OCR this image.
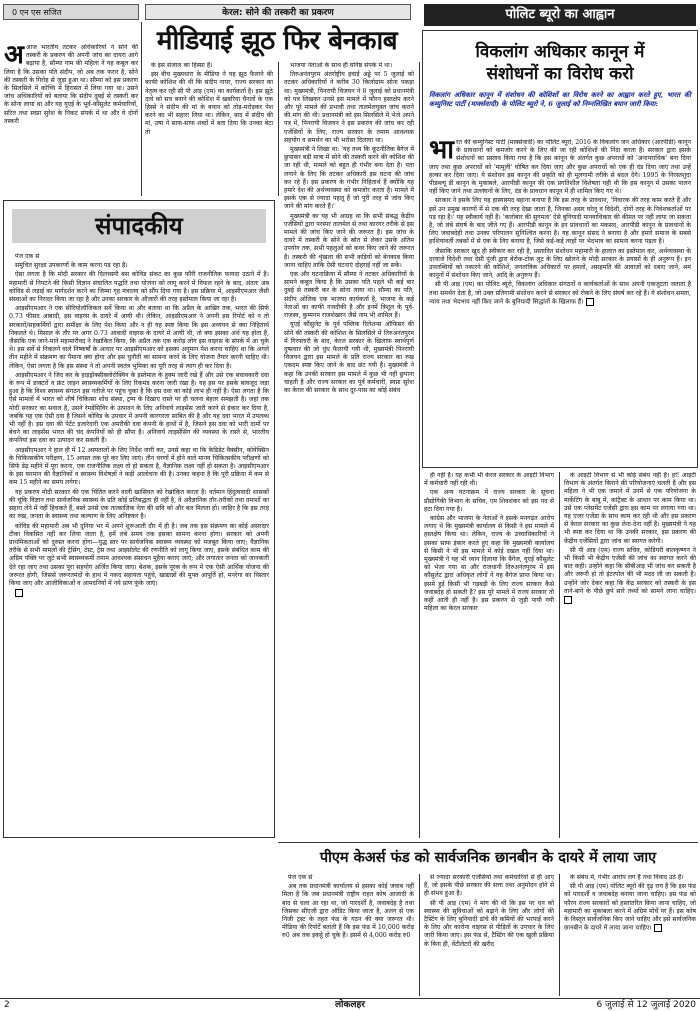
0 एन एस सजित	केरल: सोने की तस्करी का प्रकरण
मीडियाई झूठ फिर बेनकाब
अआज भारतीय तटकर अधिकारियों ने सोने की तस्करी के प्रकरण की अपनी जांच का दायरा आगे बढ़ाया है, सौम्या नाम की महिला ने यह कबूल कर लिया है कि उसका पति संदीप, जो अब तक फरार है, सोने की तस्करी के गिरोह से जुड़ा हुआ था। सौम्या को इस प्रकरण के सिलसिले में कोच्चि में हिरासत में लिया गया था। उसने जांच अधिकारियों को बताया कि संदीप दुबई से तस्करी कर के सोना लाया था और यह यूएई के भूर्व-कौंसुलेट कर्मचारियों, सरित तथा स्वप्ना सुरेश के निकट संपर्क में था और ये दोनों तस्करी

के इस संजाल का हिस्सा हैं।

इस बीच मुख्यधारा के मीडिया ने यह झूठ फैलाने की काफी कोशिश की थी कि संदीप नायर, राज्य सरकार का नेतृत्व कर रही सी पी आइ (एम) का कार्यकर्ता है। इस झूठे दावे को सच बनाने की कोशिश में खबरिया चैनलों के एक हिस्से ने संदीप की मां के बयान को तोड़-मरोड़कर पेश करने का भी सहारा लिया था। लेकिन, बाद में संदीप की मां, उषा ने साफ-साफ शब्दों में बता दिया कि उनका बेटा तो

भाजपा नेताओं के साथ ही घनिष्ठ संपर्क में था।

तिरुअनंतपुरम अंतर्राष्ट्रीय हवाई अड्डे पर 5 जुलाई को तटकर अधिकारियों ने करीब 30 किलोग्राम सोना पकड़ा था। मुख्यमंत्री, पिनरायी विजयन ने 8 जुलाई को प्रधानमंत्री को पत्र लिखकर उनसे इस मामले में फौरन हस्तक्षेप करने और पूरे मामले की प्रभावी तथा तालमेलयुक्त जांच कराने की मांग की थी। प्रधानमंत्री को इस सिलसिले में भेजे अपने पत्र में, पिनरायी विजयन ने इस प्रकरण की जांच कर रही एजेंसियों के लिए, राज्य सरकार के तमाम आवश्यक सहयोग व समर्थन का भी भरोसा दिलाया था।

मुख्यमंत्री ने लिखा था: 'यह तथ्य कि कूटनीतिक बैगेज में छुपाकर बड़ी मात्रा में सोने की तस्करी करने की कोशिश की जा रही थी, मामले को बहुत ही गंभीर बना देता है। पता लगाने के लिए कि तटकर अधिकारी इस घटना की जांच कर रहे हैं। इस प्रकरण के गंभीर निहितार्थ हैं क्योंकि यह हमारे देश की अर्थव्यवस्था को कमजोर करता है। मामले में इसके एक से ज्यादा पहलू हैं जो पूरी तरह से जांच किए जाने की मांग करते हैं।'

मुख्यमंत्री का यह भी आग्रह था कि सभी संबद्ध केंद्रीय एजेंसियों द्वारा परस्पर तालमेल से तथा कारगर तरीके से इस मामले की जांच किए जाने की जरूरत है। इस जांच के दायरे में तस्करी के सोने के स्रोत से लेकर उसके अंतिम उपयोग तक, सभी पहलुओं को कवर किए जाने की जरूरत है। तस्करी की शृंखला की सभी कड़ियों को बेनकाब किया जाना चाहिए ताकि ऐसी घटनाएं दोहराई नहीं जा सकें।

एक और घटनाक्रिया में सौम्या ने तटकर अधिकारियों के सामने कबूल किया है कि उसका पति पहले भी कई बार दुबई से तस्करी कर के सोना लाया था। सौम्या का पति, संदीप ओलिक एक भाजपा कार्यकर्ता है, भाजपा के कई नेताओं का काफी नजदीकी है और इनमें त्रिशूल के पूर्व-राजस्व, कुम्मनम राजशेखरन जैसे नाम भी शामिल हैं।

यूएई कौंसुलेट के पूर्व पब्लिक रिलेशन्स ऑफिसर की सोने की तस्करी की कोशिश के सिलसिले में तिरुअनंतपुरम में गिरफ्तारी के बाद, केरल सरकार के खिलाफ स्वार्थपूर्ण दुष्प्रचार की जो धुंध फैलायी गयी थी, मुख्यमंत्री पिनरायी विजयन द्वारा इस मामले के प्रति राज्य सरकार का रुख एकदम स्पष्ट किए जाने के बाद छंट गयी है। मुख्यमंत्री ने कहा कि उनकी सरकार इस मामले में कुछ भी नहीं छुपाना चाहती है और राज्य सरकार का पूर्व कर्मचारी, स्वप्ना सुरेश का केरल की सरकार के साथ दूर-पास का कोई संबंध

संपादकीय

पेज एक से

समुचित सुरक्षा उपकरणों के काम करना पड़ रहा है।

ऐसा लगता है कि मोदी सरकार की दिलचस्पी बस कोविड संकट का कुछ फौरी राजनीतिक फायदा उठाने में है। महामारी से निपटने की किसी विज्ञान संचालित पद्धति तथा योजना को लागू करने में विफल रहने के बाद, अंततः अब कोविड से लड़ाई का मार्गदर्शन करने का जिम्मा गृह मंत्रालय को सौंप दिया गया है। इस प्रक्रिया में, आइसीएमआर जैसी संस्थाओं का निरादर किया जा रहा है और उनका सरकार के औजारों की तरह इस्तेमाल किया जा रहा है।

आइसीएमआर ने एक सीरियोलॉजिकल सर्वे किया था और बताया था कि अप्रैल के आखिर तक, भारत की सिर्फ 0.73 फीसद आबादी, इस वाइरस के दायरे में आयी थी। लेकिन, आइसीएमआर ने अपनी इस रिपोर्ट को न तो सरकारों/सहकर्मियों द्वारा समीक्षा के लिए पेश किया और न ही यह स्पष्ट किया कि इस अध्ययन से क्या निहितार्थ निकलते थे। मिसाल के तौर पर अगर 0.73 आबादी वाइरस के दायरे में आयी थी, तो क्या इसका अर्थ यह होता है, जैसाकि एक जाने-माने महामारीवद ने रेखांकित किया, कि अप्रैल तक एक करोड़ लोग इस वाइरस के संपर्क में आ चुके थे। इस सर्वे से निकलने वाले निष्कर्षों के आधार पर आइसीएमआर को इसका अनुमान पेश करना चाहिए था कि अगले तीन महीने में संक्रमण का पैमाना क्या होगा और इस चुनौती का सामना करने के लिए योजना तैयार करनी चाहिए थी। लेकिन, ऐसा लगता है कि इस संस्था ने तो अपनी स्वतंत्र भूमिका का पूरी तरह से त्याग ही कर दिया है।

आइसीएमआर ने जिद कर के हाइड्रोक्सीक्लोरोक्विन के इस्तेमाल के हुक्म जारी रखे हैं और उसे एक बचावकारी दवा के रूप में डाक्टरों व फ्रंट लाइन स्वास्थ्यकर्मियों के लिए रिकमंड करना जारी रखा है। यह इस पर इसके बावजूद जड़ा हुआ है कि विश्व स्वास्थ्य संगठन इस नतीजे पर पहुंच चुका है कि इस दवा का कोई लाभ ही नहीं है। ऐसा लगता है कि ऐसे मामलों में भारत को शीर्ष चिकित्सा शोध संस्था, ट्रम्प के दिखाए रास्ते पर ही चलना बेहतर समझती है। जहां तक मोदी सरकार का सवाल है, उसने रेमडेसिविर के उत्पादन के लिए अनिवार्य लाइसेंस जारी करने से इंकार कर दिया है, जबकि यह एक ऐसी दवा है जिसने कोविड के उपचार में अपनी कारगरता साबित की है और यह दवा भारत में उपलब्ध भी नहीं है। इस दवा की पेटेंट इजारेदारी एक अमरीकी दवा कंपनी के हाथों में है, जिसने इस दवा को भारी दामों पर बेचने का लाइसेंस भारत की चंद कंपनियों को ही सौंपा है। अनिवार्य लाइसेंसिंग की व्यवस्था के रास्ते से, भारतीय कंपनियां इस दवा का उत्पादन कर सकती हैं।

आइसीएमआर ने हाल ही में 12 अस्पतालों के लिए निर्देश जारी कर, उनसे कहा था कि केडिडेट वैक्सीन, कोवेक्सिन के चिकित्सकीय परीक्षण, 15 अगस्त तक पूरे कर लिए जाएं। तीन चरणों में होने वाले मानव चिकित्सकीय परीक्षणों को सिर्फ डेढ़ महीने में पूरा करना, एक राजनीतिक लक्ष्य तो हो सकता है, वैज्ञानिक लक्ष्य नहीं हो सकता है। आइसीएमआर के इस फरमान की वैज्ञानिकों व स्वास्थ्य विशेषज्ञों ने कड़ी आलोचना की है। उनका कहना है कि पूरी प्रक्रिया में कम से कम 15 महीने का समय लगेगा।

यह प्रकरण मोदी सरकार की एक चिंतित करने वाली खासियत को रेखांकित करता है। वर्तमान हिंदुत्ववादी शासकों की चूंकि विज्ञान तथा सार्वजनिक स्वास्थ्य के प्रति कोई प्रतिबद्धता ही नहीं है, वे अवैज्ञानिक तौर-तरीकों तथा तमाशों का सहारा लेने में नहीं हिचकते हैं, बस्ते उनसे एक तात्कालिक नेता की छवि को और बल मिलता हो। जाहिर है कि इस तरह का रुख, जनता के स्वास्थ्य तथा कल्याण के लिए अनिष्टकर है।

कोविड की महामारी अब भी दुनिया भर में अपने शुरूआती दौर में ही है। जब तक इस संक्रमण का कोई असरदार टीका विकसित नहीं कर लिया जाता है, हमें लंबे समय तक इसका सामना करना होगा। सरकार को अपनी प्राथमिकताओं को दुरुस्त करना होगा—युद्ध स्तर पर सार्वजनिक स्वास्थ्य व्यवस्था को मजबूत किया जाए; वैज्ञानिक तरीके से सभी मामलों की ट्रेसिंग, टेस्ट, ट्रेस तथा आइसोलेट की रणनीति को लागू किया जाए, इसके संबंधित काम की अग्रिम पंक्ति पर जुटे सभी स्वास्थ्यकर्मी तमाम आवश्यक संसाधन मुहैया कराए जाएं; और लगातार जनता को जानकारी देते रहा जाए तथा उसका पूरा सहयोग अर्जित किया जाए। बेशक, इसके पूरक के रूप में एक ऐसी आर्थिक योजना की जरूरत होगी, जिससे जरूरतमंदों के हाथ में नकद सहायता पहुंचे, खाद्यान्नों की मुफ्त आपूर्ति हो, मनरेगा का विस्तार किया जाए और आजीविकाओं व आमदनियों में नये प्राण फूंके जाएं।

पोलिट ब्यूरो का आह्वान
विकलांग अधिकार कानून में
संशोधनों का विरोध करो
विकलांग अधिकार कानून में संशोधन की कोशिशों का विरोध करने का आह्वान करते हुए, भारत की कम्युनिस्ट पार्टी (मार्क्सवादी) के पोलिट ब्यूरो ने, 6 जुलाई को निम्नलिखित बयान जारी किया:

भारत की कम्युनिस्ट पार्टी (मार्क्सवादी) का पोलिट ब्यूरो, 2016 के विकलांग जन अधिकार (आरपीडी) कानून के प्रावधानों को कमजोर करने के लिए की जा रही कोशिशों की निंदा करता है। सरकार द्वारा इसके संशोधनों का प्रस्ताव किया गया है कि इस कानून के अंतर्गत कुछ अपराधों को 'अनापराधिक' बना दिया जाए तथा कुछ अपराधों को 'मामूली' घोषित कर दिया जाए और कुछ अपराधों को एक ही दंड दिया जाए तथा उन्हें हल्का कर दिया जाए। ये संशोधन इस कानून की प्रकृति को ही मूलगामी तरीके से बदल देंगे। 1995 के निरस्तशुदा पीडब्ल्यू डी कानून के मुकाबले, आरपीडी कानून की एक प्रगतिशील विशेषता यही थी कि इस कानून में उसका पालन नहीं किए जाने तथा उल्लंघनों के लिए, दंड के प्रावधान कानून में ही शामिल किए गए थे।

सरकार ने इसके लिए यह हास्यास्पद बहाना बनाया है कि इस तरह के प्रावधान, 'निवारक की तरह काम करते हैं और इसे उन प्रमुख कारणों में से एक की तरह देखा जाता है, जिनका असर घरेलू व विदेशी, दोनों तरह के निवेशकर्ताओं पर पड़ रहा है।' यह स्वीकार्य नहीं है। 'कारोबार की सुगमता' ऐसे बुनियादी मानवाधिकार की कीमत पर नहीं लाया जा सकता है, जो लंबे संघर्ष के बाद जीते गए हैं। आरपीडी कानून के इन प्रावधानों का मकसद, आरपीडी कानून के प्रावधानों के लिए जवाबदेही तथा उनका परिपालन सुनिश्चित करना है। यह कानून संसद ने बनाया है और हमारे समाज के सबसे हाशियावर्ती तबकों में से एक के लिए बनाया है, जिसे कई-कई तरहों पर भेदभाव का सामना करना पड़ता है।

जैसाकि सरकार खुद ही स्वीकार कर रही है, प्रस्तावित संशोधन महामारी के हालात का इस्तेमाल कर, अर्थव्यवस्था के दरवाजे विदेशी तथा देसी पूंजी द्वारा बेरोक-टोक लूट के लिए खोलने के मोदी सरकार के प्रयासों के ही अनुरूप हैं। इन उपलब्धियों को नकारने की कोशिशें, जनतांत्रिक अधिकारों पर हमलों, असहमति की आवाजों को दबाए जाने, श्रम कानूनों में संशोधन किए जाने, आदि के अनुरूप हैं।

सी पी आइ (एम) का पोलिट ब्यूरो, विकलांग अधिकार संगठनों व कार्यकर्ताओं के साथ अपनी एकजुटता जताता है तथा समर्थन देता है, जो उक्त प्रतिगामी संशोधन करने से सरकार को रोकने के लिए संघर्ष कर रहे हैं। ये संशोधन समता, न्याय तथा भेदभाव नहीं किए जाने के बुनियादी सिद्धांतों के खिलाफ हैं।

ही नहीं है। यह कभी भी केरल सरकार के आइटी विभाग में कर्मचारी नहीं रही थी।

एक अन्य घटनाक्रम में राज्य सरकार के सूचना प्रौद्योगिकी विभाग के सचिव, एम शिवशंकर को इस पद से हटा दिया गया है।

कांग्रेस और भाजपा के नेताओं ने इसके मनगढ़ंत आरोप लगाए थे कि मुख्यमंत्री कार्यालय से किसी ने इस मामले में हस्तक्षेप किया था। लेकिन, राज्य के उच्चाधिकारियों ने इसका साफ इंकार करते हुए कहा कि मुख्यमंत्री कार्यालय से किसी ने भी इस मामले में कोई दखल नहीं दिया था। मुख्यमंत्री ने यह भी ध्यान दिलाया कि बैगेज, यूएई कौंसुलेट को भेजा गया था और राजधानी तिरुअनंतपुरम में इस कौंसुलेट द्वारा अधिकृत लोगों ने यह बैगेज प्राप्त किया था। इसमें हुई किसी भी गड़बड़ी के लिए राज्य सरकार कैसे जवाबदेह हो सकती है? इस पूरे मामले में राज्य सरकार तो कहीं आती ही नहीं है। इस प्रकरण से जुड़ी पायी गयी महिला का केरल सरकार

के आइटी विभाग से भी कोई संबंध नहीं है। हां! आइटी विभाग के अंतर्गत किराने की परियोजनाएं चलती हैं और इस महिला ने भी एक जमाने में उनमें से एक परियोजना के मार्केटिंग के बाबू में, कांट्रैक्ट के आधार पर काम किया था। उसे एक प्लेसमेंट एजेंसी द्वारा इस काम पर लगाया गया था। यह एजर एजेंडा के साथ काम कर रही थी और इस प्रकरण से केरल सरकार का कुछ लेना-देना नहीं है। मुख्यमंत्री ने यह भी स्पष्ट कर दिया था कि उनकी सरकार, इस प्रकरण की केंद्रीय एजेंसियों द्वारा जांच का स्वागत करेगी।

सी पी आइ (एम) राज्य सचिव, कोडियरी बालकृष्णन ने भी किसी भी केंद्रीय एजेंसी की जांच का स्वागत करने की बात कही। उन्होंने कहा कि सीबीआइ भी जांच कर सकती है और जरूरी हो तो इंटरपोल की भी मदद ली जा सकती है। उन्होंने जोर देकर कहा कि केंद्र सरकार को तस्करी के इस ताने-बाने के पीछे छुपे सारे तथ्यों को सामने लाना चाहिए।

पीएम केअर्स फंड को सार्वजनिक छानबीन के दायरे में लाया जाए

पेज एक से

अब तक प्रधानमंत्री कार्यालय से इसका कोई जवाब नहीं मिला है कि जब प्रधानमंत्री राष्ट्रीय राहत कोष आजादी के बाद से चला आ रहा था, जो पारदर्शी है, जवाबदेह है तथा जिसका सीएजी द्वारा ऑडिट किया जाता है, अलग से एक निजी ट्रस्ट के तहत फंड के गठन की क्या जरूरत थी। मीडिया की रिपोर्टें बताती हैं कि इस फंड में 10,000 करोड़ रु0 अब तक इकट्ठे हो चुके हैं। इसमें से 4,000 करोड़ रु0

से ज्यादा सरकारी एजेंसियों तथा कर्मचारियों से ही आए हैं, जो इसके पीछे सरकार की सत्ता तथा अनुमोदन होने से ही संभव हुआ है।

सी पी आइ (एम) ने मांग की थी कि इस पर धन को स्वास्थ्य की सुविधाओं को बढ़ाने के लिए और लोगों की टैस्टिंग के लिए बुनियादी ढांचे की कमियों की भरपाई करने के लिए और कारोना वाइरस से पीड़ितों के उपचार के लिए जारी किया जाए। इस फंड से, टैस्टिंग की एक खुली प्रक्रिया के बिना ही, वेंटीलेटरों की खरीद

के संबंध में, गंभीर आरोप लग हैं तथा विवाद उठे हैं।

सी पी आइ (एम) पोलिट ब्यूरो की दृढ़ राय है कि इस फंड को पारदर्शी व जवाबदेह बनाया जाना चाहिए। इस फंड को फौरन राज्य सरकारों को हस्तांतरित किया जाना चाहिए, जो महामारी का मुकाबला करने में अग्रिम मोर्चे पर हैं। इस कोष के विस्तृत सार्वजनिक किए जाने चाहिए और इसे सार्वजनिक छानबीन के दायरे में लाया जाना चाहिए।

2	लोकलहर	6 जुलाई से 12 जुलाई 2020
